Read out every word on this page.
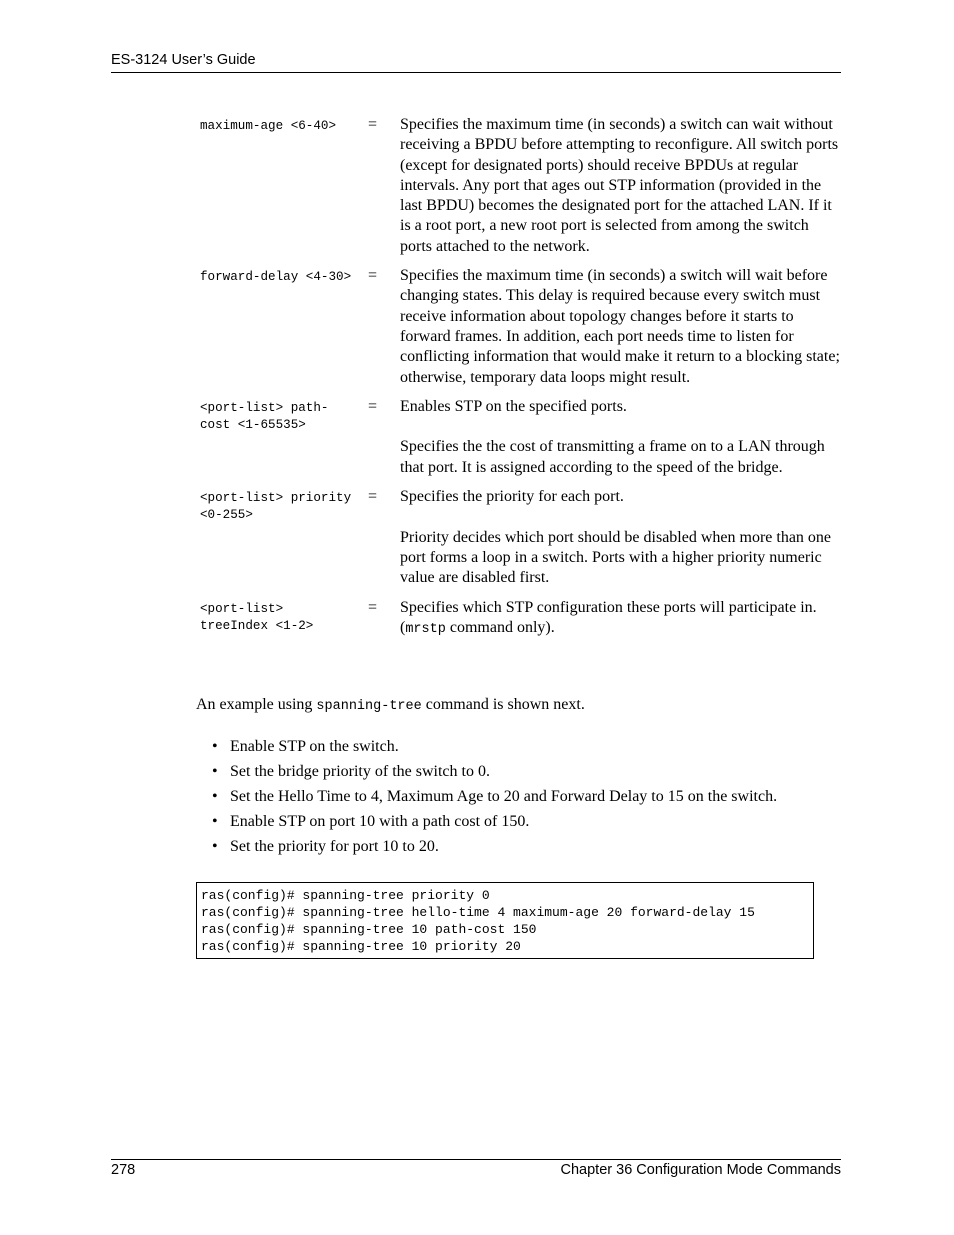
ES-3124 User’s Guide
maximum-age <6-40>	= Specifies the maximum time (in seconds) a switch can wait without receiving a BPDU before attempting to reconfigure. All switch ports (except for designated ports) should receive BPDUs at regular intervals. Any port that ages out STP information (provided in the last BPDU) becomes the designated port for the attached LAN. If it is a root port, a new root port is selected from among the switch ports attached to the network.

forward-delay <4-30> = Specifies the maximum time (in seconds) a switch will wait before changing states. This delay is required because every switch must receive information about topology changes before it starts to forward frames. In addition, each port needs time to listen for conflicting information that would make it return to a blocking state; otherwise, temporary data loops might result.

<port-list> path-cost <1-65535>
= Enables STP on the specified ports.

Specifies the the cost of transmitting a frame on to a LAN through that port. It is assigned according to the speed of the bridge.

<port-list> priority <0-255>
= Specifies the priority for each port.

Priority decides which port should be disabled when more than one port forms a loop in a switch. Ports with a higher priority numeric value are disabled first.

<port-list> treeIndex <1-2>
= Specifies which STP configuration these ports will participate in. (mrstp command only).

An example using spanning-tree command is shown next.
• Enable STP on the switch.
• Set the bridge priority of the switch to 0.
• Set the Hello Time to 4, Maximum Age to 20 and Forward Delay to 15 on the switch.
• Enable STP on port 10 with a path cost of 150.
• Set the priority for port 10 to 20.
ras(config)# spanning-tree priority 0
ras(config)# spanning-tree hello-time 4 maximum-age 20 forward-delay 15
ras(config)# spanning-tree 10 path-cost 150
ras(config)# spanning-tree 10 priority 20
278	Chapter 36 Configuration Mode Commands
